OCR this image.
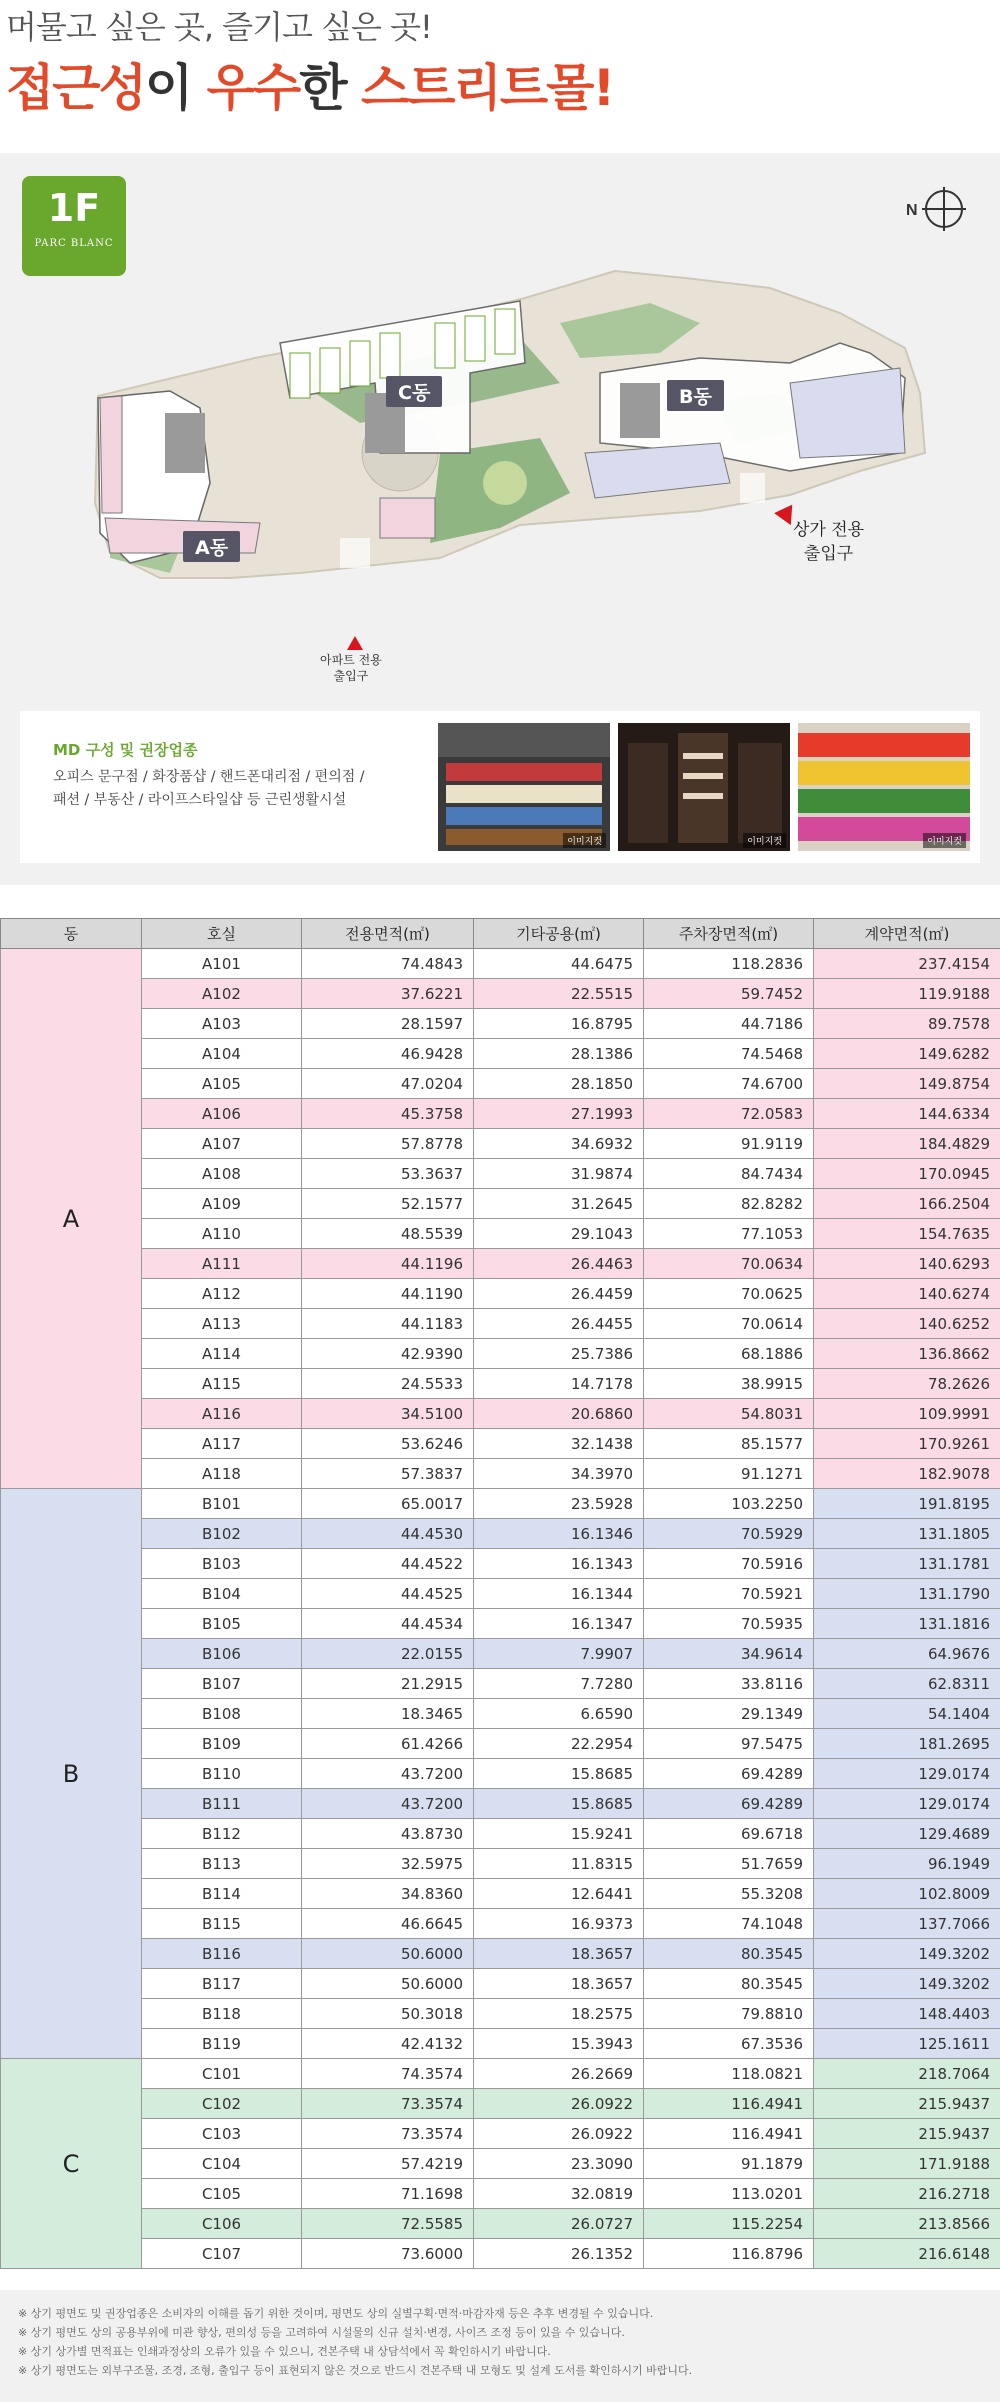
머물고 싶은 곳, 즐기고 싶은 곳!
접근성이 우수한 스트리트몰!
1F
PARC BLANC
N
A동
C동	B동
상가 전용
출입구
아파트 전용
출입구
MD 구성 및 권장업종
오피스 문구점 / 화장품샵 / 핸드폰대리점 / 편의점 /
패션 / 부동산 / 라이프스타일샵 등 근린생활시설
이미지컷	이미지컷	이미지컷
동	호실	전용면적(㎡)	기타공용(㎡)	주차장면적(㎡)	계약면적(㎡)
A	A101	74.4843	44.6475	118.2836	237.4154
	A102	37.6221	22.5515	59.7452	119.9188
	A103	28.1597	16.8795	44.7186	89.7578
	A104	46.9428	28.1386	74.5468	149.6282
	A105	47.0204	28.1850	74.6700	149.8754
	A106	45.3758	27.1993	72.0583	144.6334
	A107	57.8778	34.6932	91.9119	184.4829
	A108	53.3637	31.9874	84.7434	170.0945
	A109	52.1577	31.2645	82.8282	166.2504
	A110	48.5539	29.1043	77.1053	154.7635
	A111	44.1196	26.4463	70.0634	140.6293
	A112	44.1190	26.4459	70.0625	140.6274
	A113	44.1183	26.4455	70.0614	140.6252
	A114	42.9390	25.7386	68.1886	136.8662
	A115	24.5533	14.7178	38.9915	78.2626
	A116	34.5100	20.6860	54.8031	109.9991
	A117	53.6246	32.1438	85.1577	170.9261
	A118	57.3837	34.3970	91.1271	182.9078
B	B101	65.0017	23.5928	103.2250	191.8195
	B102	44.4530	16.1346	70.5929	131.1805
	B103	44.4522	16.1343	70.5916	131.1781
	B104	44.4525	16.1344	70.5921	131.1790
	B105	44.4534	16.1347	70.5935	131.1816
	B106	22.0155	7.9907	34.9614	64.9676
	B107	21.2915	7.7280	33.8116	62.8311
	B108	18.3465	6.6590	29.1349	54.1404
	B109	61.4266	22.2954	97.5475	181.2695
	B110	43.7200	15.8685	69.4289	129.0174
	B111	43.7200	15.8685	69.4289	129.0174
	B112	43.8730	15.9241	69.6718	129.4689
	B113	32.5975	11.8315	51.7659	96.1949
	B114	34.8360	12.6441	55.3208	102.8009
	B115	46.6645	16.9373	74.1048	137.7066
	B116	50.6000	18.3657	80.3545	149.3202
	B117	50.6000	18.3657	80.3545	149.3202
	B118	50.3018	18.2575	79.8810	148.4403
	B119	42.4132	15.3943	67.3536	125.1611
C	C101	74.3574	26.2669	118.0821	218.7064
	C102	73.3574	26.0922	116.4941	215.9437
	C103	73.3574	26.0922	116.4941	215.9437
	C104	57.4219	23.3090	91.1879	171.9188
	C105	71.1698	32.0819	113.0201	216.2718
	C106	72.5585	26.0727	115.2254	213.8566
	C107	73.6000	26.1352	116.8796	216.6148

※ 상기 평면도 및 권장업종은 소비자의 이해를 돕기 위한 것이며, 평면도 상의 실별구획·면적·마감자재 등은 추후 변경될 수 있습니다.

※ 상기 평면도 상의 공용부위에 미관 향상, 편의성 등을 고려하여 시설물의 신규 설치·변경, 사이즈 조정 등이 있을 수 있습니다.

※ 상기 상가별 면적표는 인쇄과정상의 오류가 있을 수 있으니, 견본주택 내 상담석에서 꼭 확인하시기 바랍니다.

※ 상기 평면도는 외부구조물, 조경, 조형, 출입구 등이 표현되지 않은 것으로 반드시 견본주택 내 모형도 및 설계 도서를 확인하시기 바랍니다.
